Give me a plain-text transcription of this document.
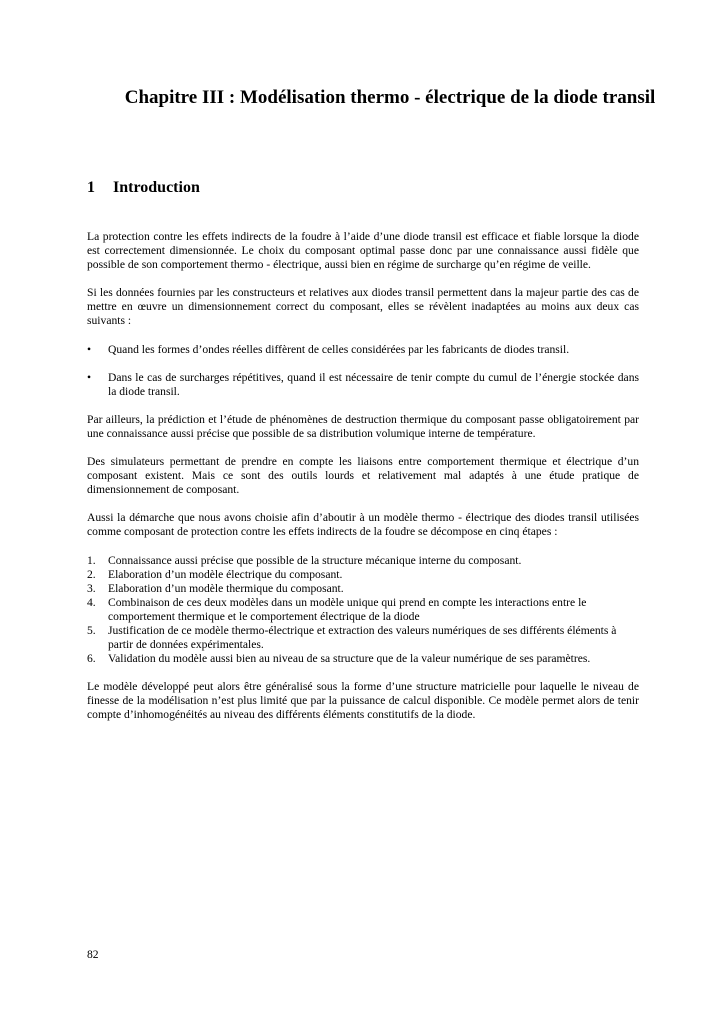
Chapitre III : Modélisation thermo - électrique de la diode transil
1 Introduction

La protection contre les effets indirects de la foudre à l’aide d’une diode transil est efficace et fiable lorsque la diode est correctement dimensionnée. Le choix du composant optimal passe donc par une connaissance aussi fidèle que possible de son comportement thermo - électrique, aussi bien en régime de surcharge qu’en régime de veille.

Si les données fournies par les constructeurs et relatives aux diodes transil permettent dans la majeur partie des cas de mettre en œuvre un dimensionnement correct du composant, elles se révèlent inadaptées au moins aux deux cas suivants :

• Quand les formes d’ondes réelles diffèrent de celles considérées par les fabricants de diodes transil.
• Dans le cas de surcharges répétitives, quand il est nécessaire de tenir compte du cumul de l’énergie stockée dans la diode transil.

Par ailleurs, la prédiction et l’étude de phénomènes de destruction thermique du composant passe obligatoirement par une connaissance aussi précise que possible de sa distribution volumique interne de température.

Des simulateurs permettant de prendre en compte les liaisons entre comportement thermique et électrique d’un composant existent. Mais ce sont des outils lourds et relativement mal adaptés à une étude pratique de dimensionnement de composant.

Aussi la démarche que nous avons choisie afin d’aboutir à un modèle thermo - électrique des diodes transil utilisées comme composant de protection contre les effets indirects de la foudre se décompose en cinq étapes :

1. Connaissance aussi précise que possible de la structure mécanique interne du composant.
2. Elaboration d’un modèle électrique du composant.
3. Elaboration d’un modèle thermique du composant.
4. Combinaison de ces deux modèles dans un modèle unique qui prend en compte les interactions entre le comportement thermique et le comportement électrique de la diode
5. Justification de ce modèle thermo-électrique et extraction des valeurs numériques de ses différents éléments à partir de données expérimentales.
6. Validation du modèle aussi bien au niveau de sa structure que de la valeur numérique de ses paramètres.

Le modèle développé peut alors être généralisé sous la forme d’une structure matricielle pour laquelle le niveau de finesse de la modélisation n’est plus limité que par la puissance de calcul disponible. Ce modèle permet alors de tenir compte d’inhomogénéités au niveau des différents éléments constitutifs de la diode.

82
